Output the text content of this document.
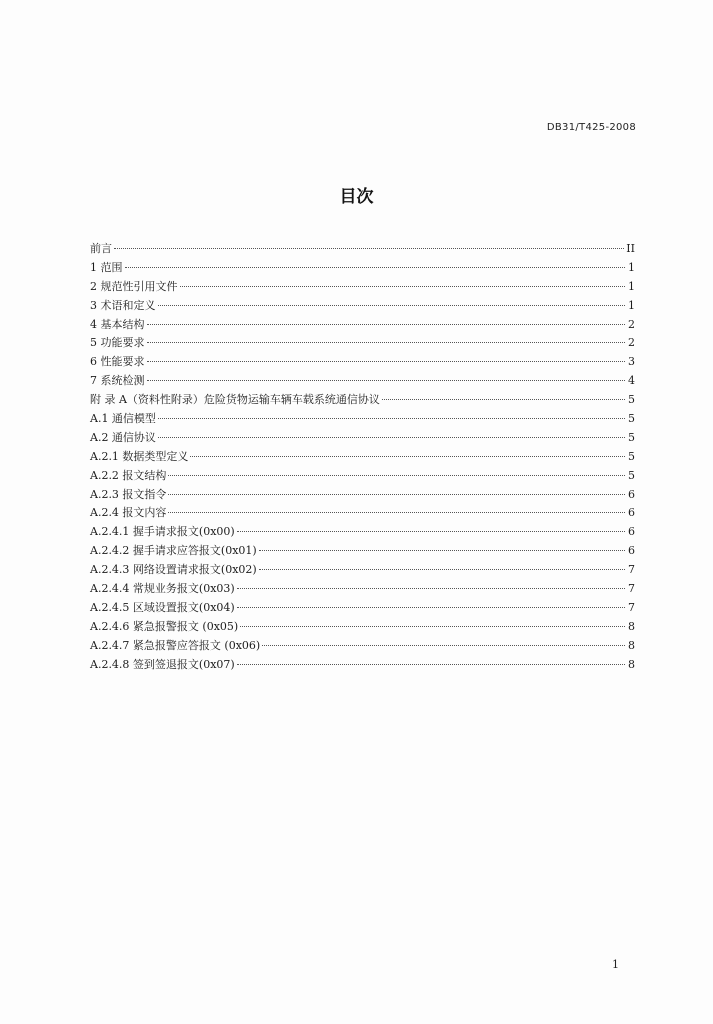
DB31/T425-2008
目次
前言	II
1 范围	1
2 规范性引用文件	1
3 术语和定义	1
4 基本结构	2
5 功能要求	2
6 性能要求	3
7 系统检测	4
附 录 A（资料性附录）危险货物运输车辆车载系统通信协议	5
A.1 通信模型	5
A.2 通信协议	5
A.2.1 数据类型定义	5
A.2.2 报文结构	5
A.2.3 报文指令	6
A.2.4 报文内容	6
A.2.4.1 握手请求报文(0x00)	6
A.2.4.2 握手请求应答报文(0x01)	6
A.2.4.3 网络设置请求报文(0x02)	7
A.2.4.4 常规业务报文(0x03)	7
A.2.4.5 区域设置报文(0x04)	7
A.2.4.6 紧急报警报文 (0x05)	8
A.2.4.7 紧急报警应答报文 (0x06)	8
A.2.4.8 签到签退报文(0x07)	8
1
